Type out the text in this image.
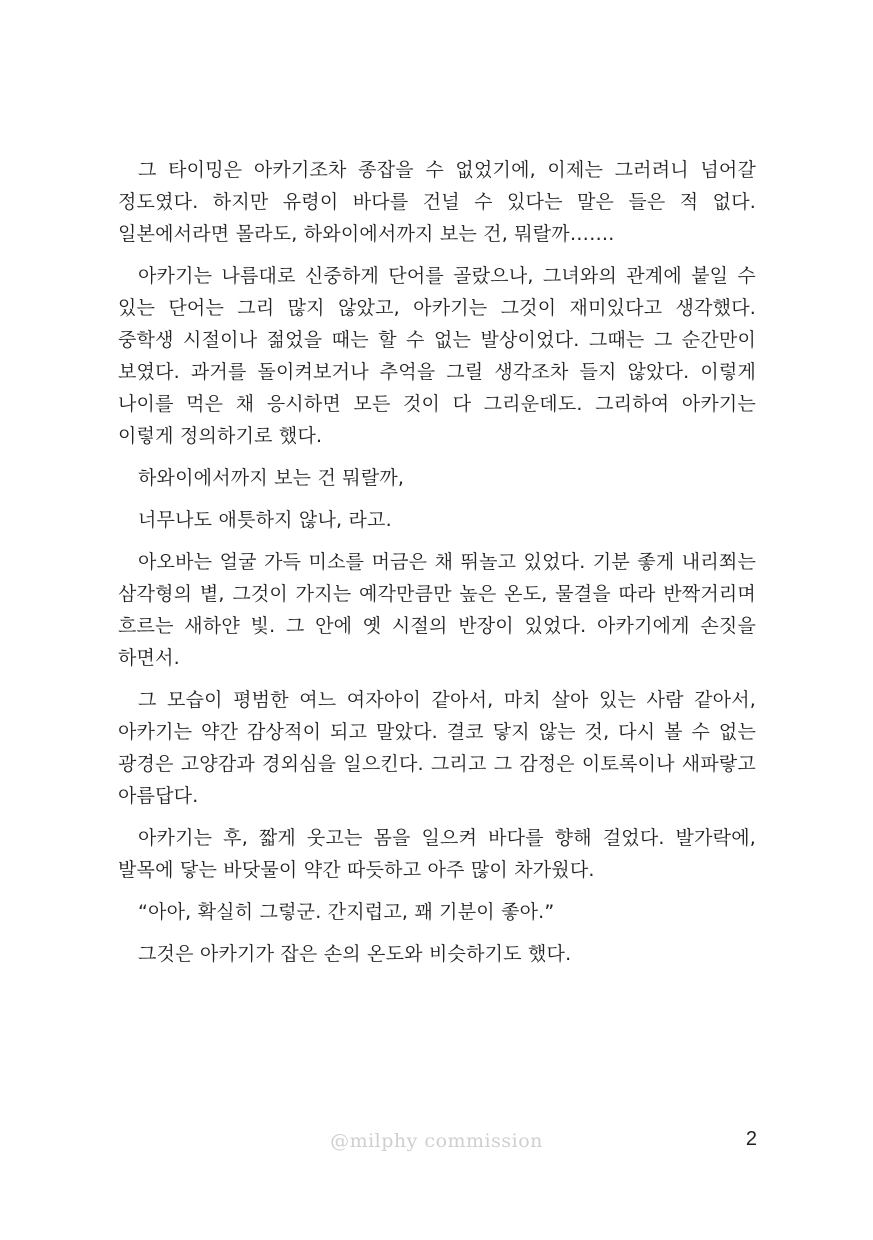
그 타이밍은 아카기조차 종잡을 수 없었기에, 이제는 그러려니 넘어갈 정도였다. 하지만 유령이 바다를 건널 수 있다는 말은 들은 적 없다. 일본에서라면 몰라도, 하와이에서까지 보는 건, 뭐랄까…….

아카기는 나름대로 신중하게 단어를 골랐으나, 그녀와의 관계에 붙일 수 있는 단어는 그리 많지 않았고, 아카기는 그것이 재미있다고 생각했다. 중학생 시절이나 젊었을 때는 할 수 없는 발상이었다. 그때는 그 순간만이 보였다. 과거를 돌이켜보거나 추억을 그릴 생각조차 들지 않았다. 이렇게 나이를 먹은 채 응시하면 모든 것이 다 그리운데도. 그리하여 아카기는 이렇게 정의하기로 했다.

하와이에서까지 보는 건 뭐랄까,

너무나도 애틋하지 않나, 라고.

아오바는 얼굴 가득 미소를 머금은 채 뛰놀고 있었다. 기분 좋게 내리쬐는 삼각형의 볕, 그것이 가지는 예각만큼만 높은 온도, 물결을 따라 반짝거리며 흐르는 새하얀 빛. 그 안에 옛 시절의 반장이 있었다. 아카기에게 손짓을 하면서.

그 모습이 평범한 여느 여자아이 같아서, 마치 살아 있는 사람 같아서, 아카기는 약간 감상적이 되고 말았다. 결코 닿지 않는 것, 다시 볼 수 없는 광경은 고양감과 경외심을 일으킨다. 그리고 그 감정은 이토록이나 새파랗고 아름답다.

아카기는 후, 짧게 웃고는 몸을 일으켜 바다를 향해 걸었다. 발가락에, 발목에 닿는 바닷물이 약간 따듯하고 아주 많이 차가웠다.

“아아, 확실히 그렇군. 간지럽고, 꽤 기분이 좋아.”

그것은 아카기가 잡은 손의 온도와 비슷하기도 했다.

@milphy commission	2
